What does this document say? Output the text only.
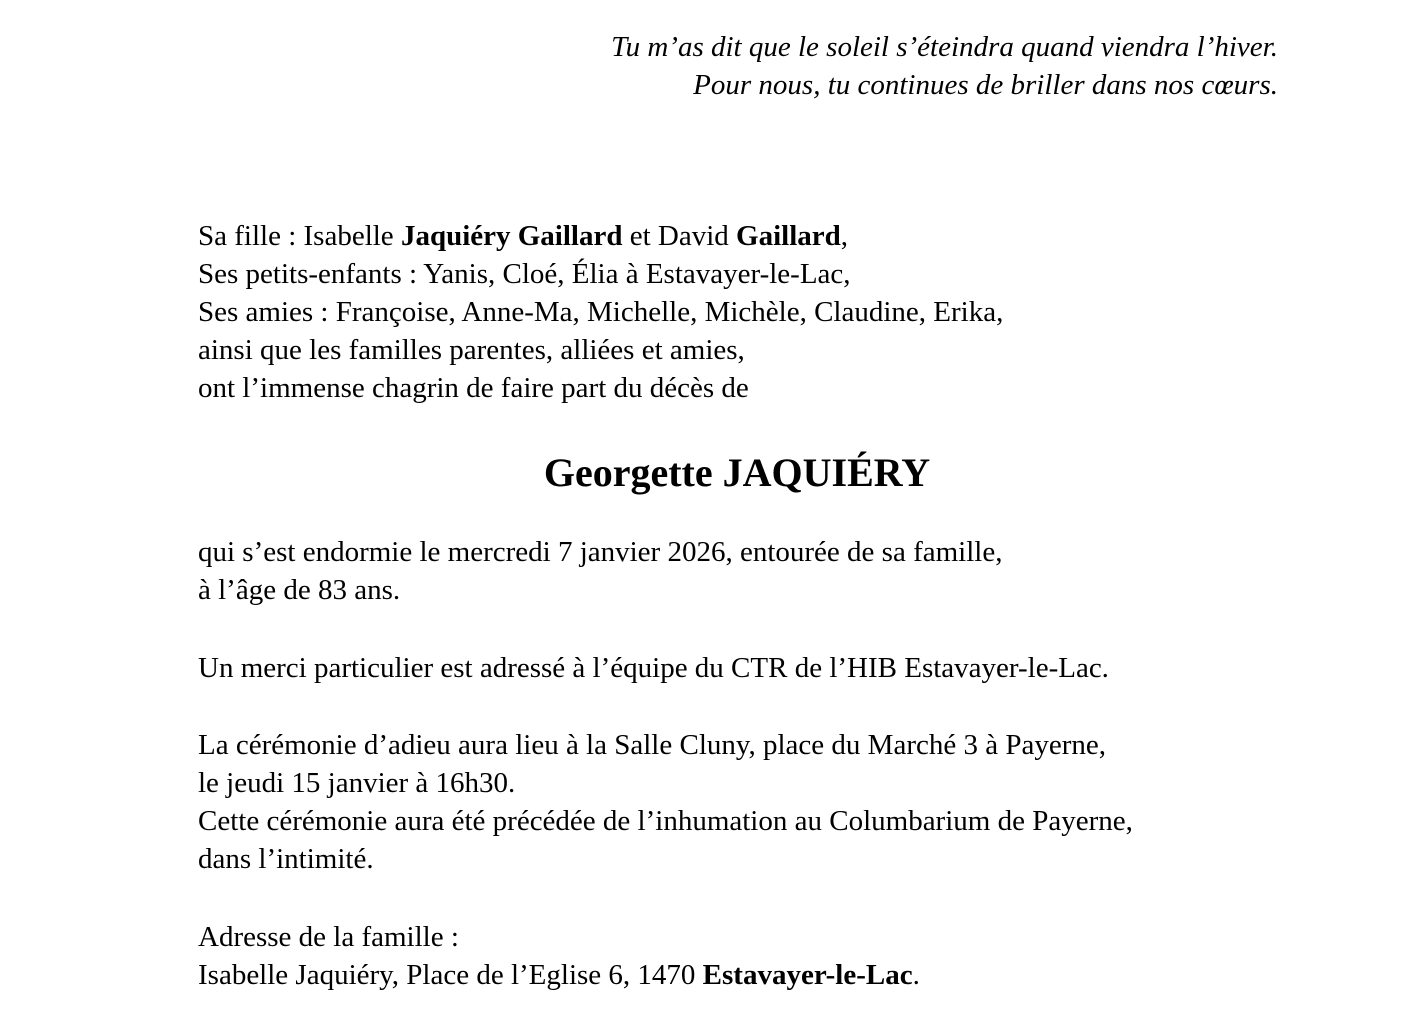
Tu m’as dit que le soleil s’éteindra quand viendra l’hiver.
Pour nous, tu continues de briller dans nos cœurs.
Sa fille : Isabelle Jaquiéry Gaillard et David Gaillard,
Ses petits-enfants : Yanis, Cloé, Élia à Estavayer-le-Lac,
Ses amies : Françoise, Anne-Ma, Michelle, Michèle, Claudine, Erika,
ainsi que les familles parentes, alliées et amies,
ont l’immense chagrin de faire part du décès de
Georgette JAQUIÉRY
qui s’est endormie le mercredi 7 janvier 2026, entourée de sa famille,
à l’âge de 83 ans.
Un merci particulier est adressé à l’équipe du CTR de l’HIB Estavayer-le-Lac.
La cérémonie d’adieu aura lieu à la Salle Cluny, place du Marché 3 à Payerne,
le jeudi 15 janvier à 16h30.
Cette cérémonie aura été précédée de l’inhumation au Columbarium de Payerne,
dans l’intimité.
Adresse de la famille :
Isabelle Jaquiéry, Place de l’Eglise 6, 1470 Estavayer-le-Lac.
